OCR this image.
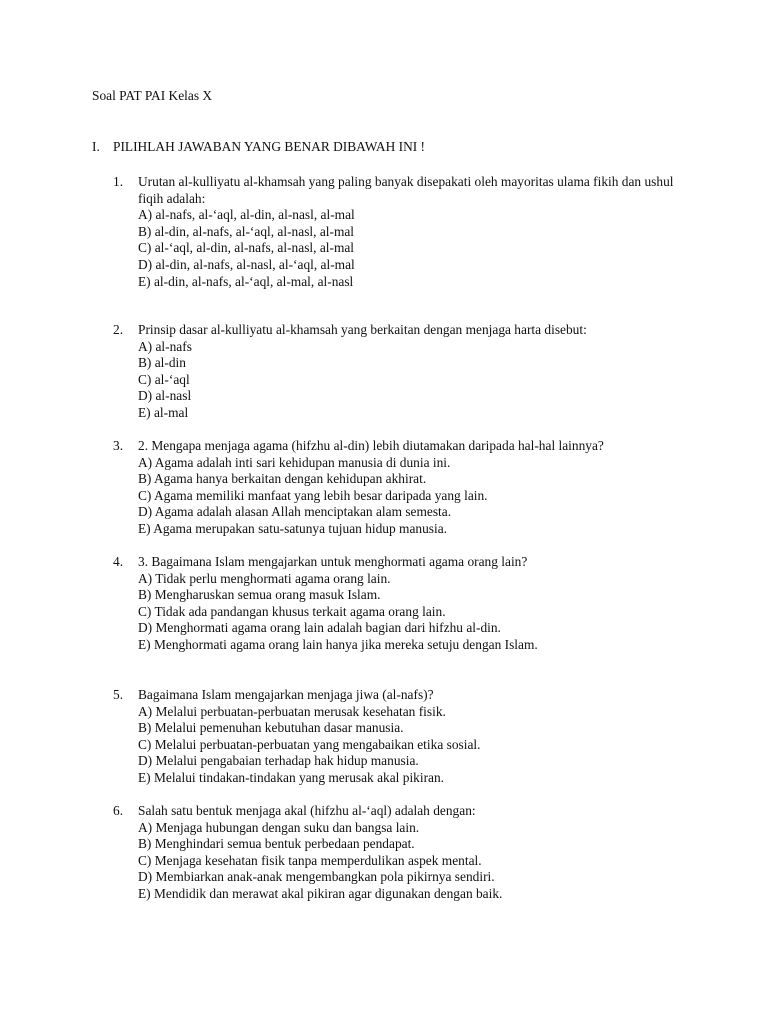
Soal PAT PAI Kelas X
I. PILIHLAH JAWABAN YANG BENAR DIBAWAH INI !
1. Urutan al-kulliyatu al-khamsah yang paling banyak disepakati oleh mayoritas ulama fikih dan ushul fiqih adalah:
A) al-nafs, al-‘aql, al-din, al-nasl, al-mal
B) al-din, al-nafs, al-‘aql, al-nasl, al-mal
C) al-‘aql, al-din, al-nafs, al-nasl, al-mal
D) al-din, al-nafs, al-nasl, al-‘aql, al-mal
E) al-din, al-nafs, al-‘aql, al-mal, al-nasl
2. Prinsip dasar al-kulliyatu al-khamsah yang berkaitan dengan menjaga harta disebut:
A) al-nafs
B) al-din
C) al-‘aql
D) al-nasl
E) al-mal
3. 2. Mengapa menjaga agama (hifzhu al-din) lebih diutamakan daripada hal-hal lainnya?
A) Agama adalah inti sari kehidupan manusia di dunia ini.
B) Agama hanya berkaitan dengan kehidupan akhirat.
C) Agama memiliki manfaat yang lebih besar daripada yang lain.
D) Agama adalah alasan Allah menciptakan alam semesta.
E) Agama merupakan satu-satunya tujuan hidup manusia.
4. 3. Bagaimana Islam mengajarkan untuk menghormati agama orang lain?
A) Tidak perlu menghormati agama orang lain.
B) Mengharuskan semua orang masuk Islam.
C) Tidak ada pandangan khusus terkait agama orang lain.
D) Menghormati agama orang lain adalah bagian dari hifzhu al-din.
E) Menghormati agama orang lain hanya jika mereka setuju dengan Islam.
5. Bagaimana Islam mengajarkan menjaga jiwa (al-nafs)?
A) Melalui perbuatan-perbuatan merusak kesehatan fisik.
B) Melalui pemenuhan kebutuhan dasar manusia.
C) Melalui perbuatan-perbuatan yang mengabaikan etika sosial.
D) Melalui pengabaian terhadap hak hidup manusia.
E) Melalui tindakan-tindakan yang merusak akal pikiran.
6. Salah satu bentuk menjaga akal (hifzhu al-‘aql) adalah dengan:
A) Menjaga hubungan dengan suku dan bangsa lain.
B) Menghindari semua bentuk perbedaan pendapat.
C) Menjaga kesehatan fisik tanpa memperdulikan aspek mental.
D) Membiarkan anak-anak mengembangkan pola pikirnya sendiri.
E) Mendidik dan merawat akal pikiran agar digunakan dengan baik.
